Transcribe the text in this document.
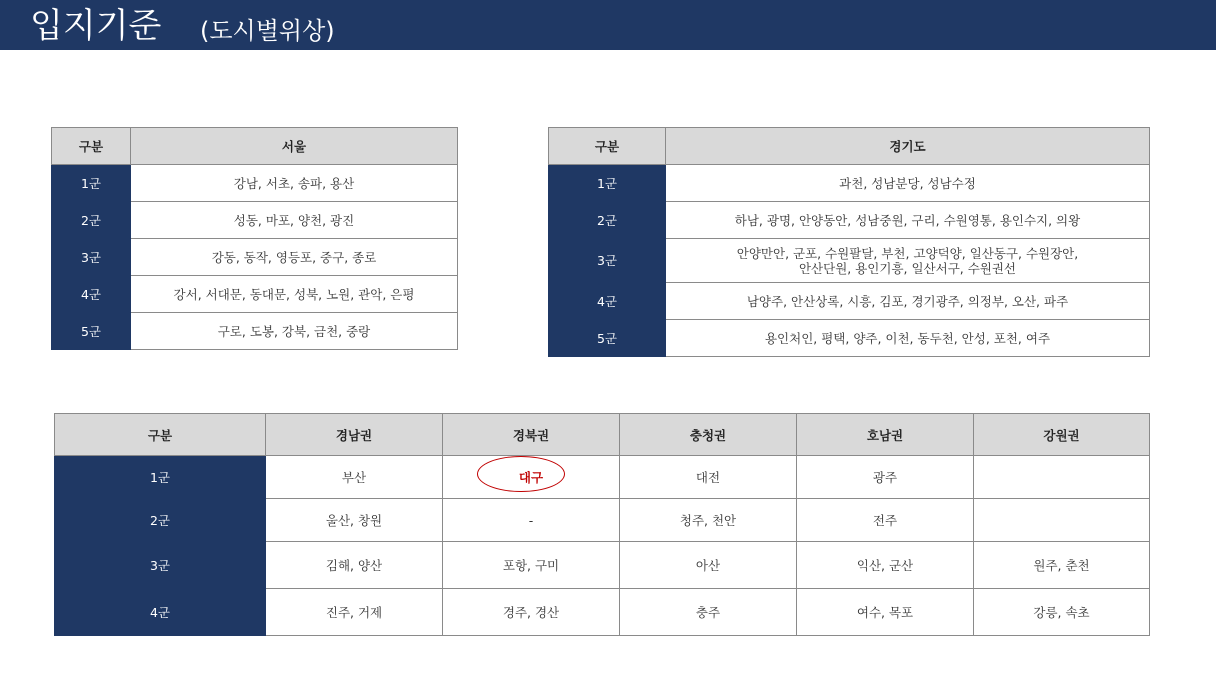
입지기준 (도시별위상)
구분	서울
1군	강남, 서초, 송파, 용산
2군	성동, 마포, 양천, 광진
3군	강동, 동작, 영등포, 중구, 종로
4군	강서, 서대문, 동대문, 성북, 노원, 관악, 은평
5군	구로, 도봉, 강북, 금천, 중랑
구분	경기도
1군	과천, 성남분당, 성남수정
2군	하남, 광명, 안양동안, 성남중원, 구리, 수원영통, 용인수지, 의왕
3군	안양만안, 군포, 수원팔달, 부천, 고양덕양, 일산동구, 수원장안,
안산단원, 용인기흥, 일산서구, 수원권선

4군	남양주, 안산상록, 시흥, 김포, 경기광주, 의정부, 오산, 파주
5군	용인처인, 평택, 양주, 이천, 동두천, 안성, 포천, 여주
구분	경남권	경북권	충청권	호남권	강원권
1군	부산	대구	대전	광주	
2군	울산, 창원	-	청주, 천안	전주	
3군	김해, 양산	포항, 구미	아산	익산, 군산	원주, 춘천
4군	진주, 거제	경주, 경산	충주	여수, 목포	강릉, 속초
